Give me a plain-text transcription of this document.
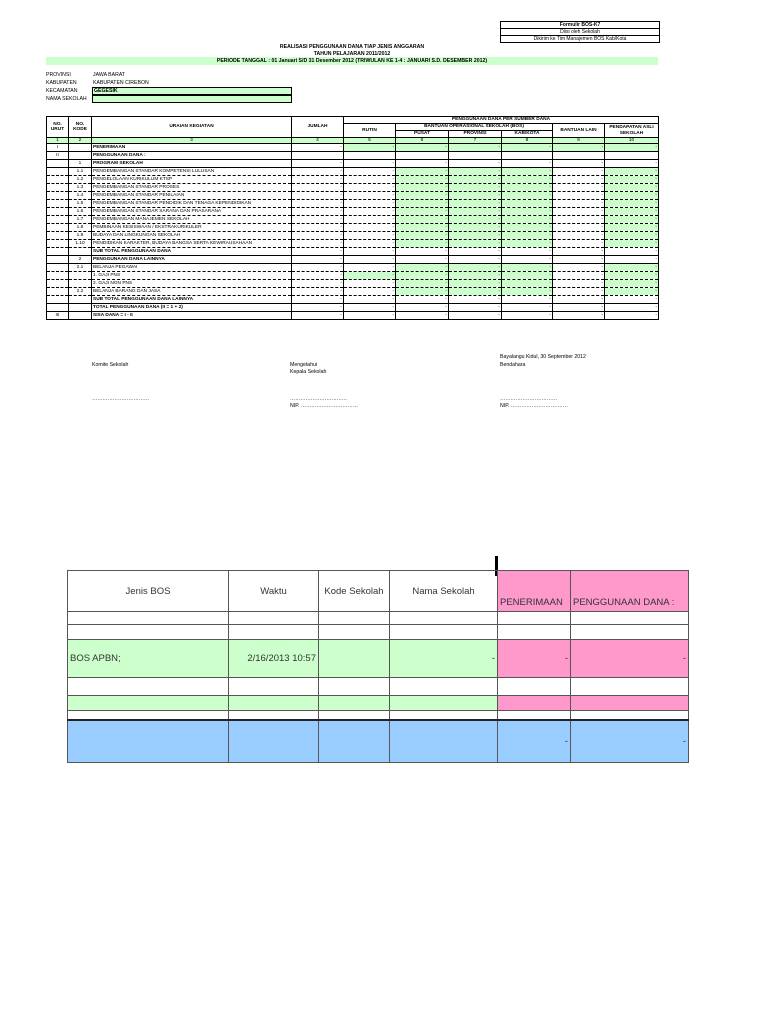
Formulir BOS-K7
Diisi oleh Sekolah
Dikirim ke Tim Manajemen BOS Kab/Kota
REALISASI PENGGUNAAN DANA TIAP JENIS ANGGARAN
TAHUN PELAJARAN 2011/2012
PERIODE TANGGAL : 01 Januari S/D 31 Desember 2012 (TRIWULAN KE 1-4 : JANUARI S.D. DESEMBER 2012)
PROVINSI	JAWA BARAT
KABUPATEN	KABUPATEN CIREBON
KECAMATAN	GEGESIK
NAMA SEKOLAH
NO. URUT	NO. KODE	URAIAN KEGIATAN	JUMLAH	PENGGUNAAN DANA PER SUMBER DANA					
				RUTIN	BANTUAN OPERASIONAL SEKOLAH (BOS)			BANTUAN LAIN	PENDAPATAN ASLI SEKOLAH
					PUSAT	PROVINSI	KAB/KOTA		
1	2	3	4	5	6	7	8	9	10
I		PENERIMAAN	-	-	-	-	-	-	-
II		PENGGUNAAN DANA :							
	1	PROGRAM SEKOLAH	-	-	-	-	-	-	-
	1.1	PENGEMBANGAN STANDAR KOMPETENSI LULUSAN	-	-	-	-	-	-	-
	1.2	PENGELOLAAN KURIKULUM KTSP	-	-	-	-	-	-	-
	1.3	PENGEMBANGAN STANDAR PROSES	-	-	-	-	-	-	-
	1.4	PENGEMBANGAN STANDAR PENILAIAN	-	-	-	-	-	-	-
	1.5	PENGEMBANGAN STANDAR PENDIDIK DAN TENAGA KEPENDIDIKAN	-	-	-	-	-	-	-
	1.6	PENGEMBANGAN STANDAR SARANA DAN PRASARANA	-	-	-	-	-	-	-
	1.7	PENGEMBANGAN MANAJEMEN SEKOLAH	-	-	-	-	-	-	-
	1.8	PEMBINAAN KESISWAAN / EKSTRAKURIKULER	-	-	-	-	-	-	-
	1.9	BUDAYA DAN LINGKUNGAN SEKOLAH	-	-	-	-	-	-	-
	1.10	PENDIDIKAN KARAKTER, BUDAYA BANGSA SERTA KEWIRAUSAHAAN	-	-	-	-	-	-	-
		SUB TOTAL PENGGUNAAN DANA	-	-	-	-	-	-	-
	2	PENGGUNAAN DANA LAINNYA	-	-	-	-	-	-	-
	2.1	BELANJA PEGAWAI	-	-	-	-	-	-	-
		1. GAJI PNS	-	-	-	-	-	-	-
		2. GAJI NON PNS	-	-	-	-	-	-	-
	2.2	BELANJA BARANG DAN JASA	-	-	-	-	-	-	-
		SUB TOTAL PENGGUNAAN DANA LAINNYA	-	-	-	-	-	-	-
		TOTAL PENGGUNAAN DANA (II = 1 + 2)	-	-	-	-	-	-	-
III		SISA DANA = I - II	-	-	-	-	-	-	-
Bayalangu Kidul, 30 September 2012
Komite Sekolah	Mengetahui	Bendahara
Kepala Sekolah
……………………………	……………………………	……………………………
NIP. ……………………………	NIP. ……………………………
Jenis BOS	Waktu	Kode Sekolah	Nama Sekolah	PENERIMAAN	PENGGUNAAN DANA :

BOS APBN;	2/16/2013 10:57		-	-	-

				-	-
